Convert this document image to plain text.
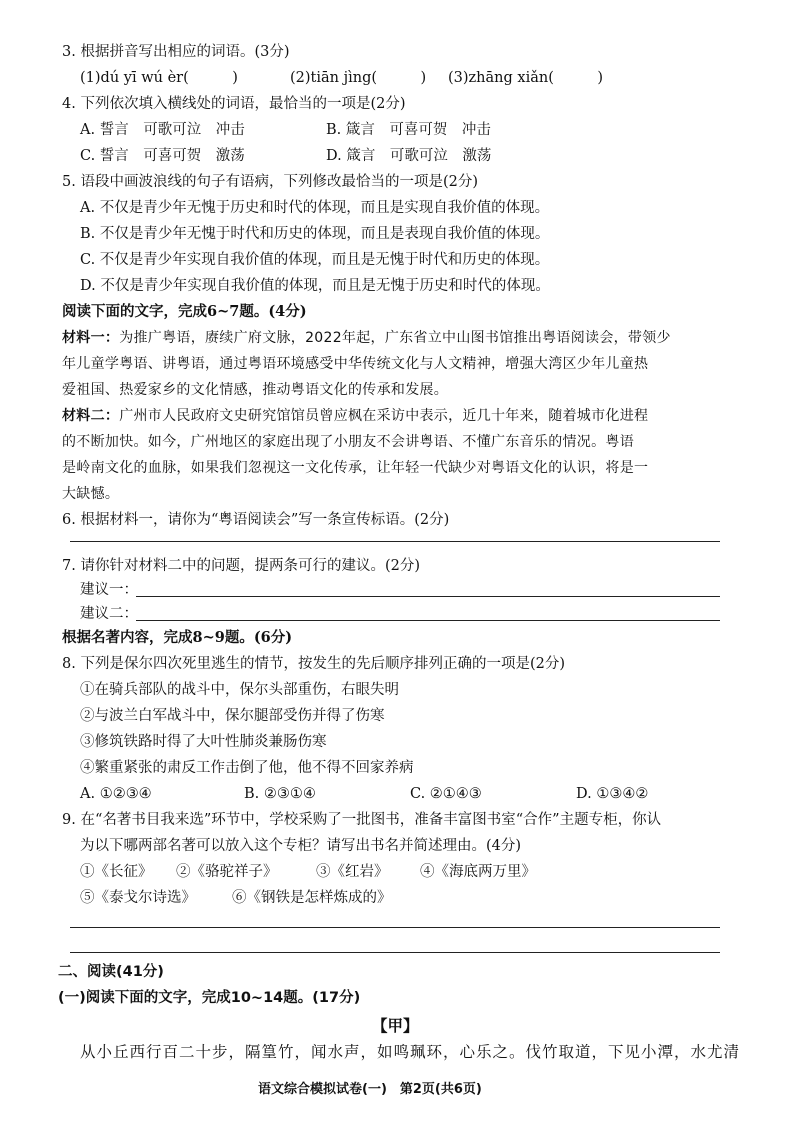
3. 根据拼音写出相应的词语。(3分)
(1)dú yī wú èr(　　　)	(2)tiān jìng(　　　) (3)zhāng xiǎn(　　　)
4. 下列依次填入横线处的词语，最恰当的一项是(2分)
A. 誓言　可歌可泣　冲击	B. 箴言　可喜可贺　冲击
C. 誓言　可喜可贺　激荡	D. 箴言　可歌可泣　激荡
5. 语段中画波浪线的句子有语病，下列修改最恰当的一项是(2分)
A. 不仅是青少年无愧于历史和时代的体现，而且是实现自我价值的体现。
B. 不仅是青少年无愧于时代和历史的体现，而且是表现自我价值的体现。
C. 不仅是青少年实现自我价值的体现，而且是无愧于时代和历史的体现。
D. 不仅是青少年实现自我价值的体现，而且是无愧于历史和时代的体现。
阅读下面的文字，完成6~7题。(4分)
材料一：为推广粤语，赓续广府文脉，2022年起，广东省立中山图书馆推出粤语阅读会，带领少
年儿童学粤语、讲粤语，通过粤语环境感受中华传统文化与人文精神，增强大湾区少年儿童热
爱祖国、热爱家乡的文化情感，推动粤语文化的传承和发展。
材料二：广州市人民政府文史研究馆馆员曾应枫在采访中表示，近几十年来，随着城市化进程
的不断加快。如今，广州地区的家庭出现了小朋友不会讲粤语、不懂广东音乐的情况。粤语
是岭南文化的血脉，如果我们忽视这一文化传承，让年轻一代缺少对粤语文化的认识，将是一
大缺憾。
6. 根据材料一，请你为“粤语阅读会”写一条宣传标语。(2分)
7. 请你针对材料二中的问题，提两条可行的建议。(2分)
建议一：
建议二：
根据名著内容，完成8~9题。(6分)
8. 下列是保尔四次死里逃生的情节，按发生的先后顺序排列正确的一项是(2分)
①在骑兵部队的战斗中，保尔头部重伤，右眼失明
②与波兰白军战斗中，保尔腿部受伤并得了伤寒
③修筑铁路时得了大叶性肺炎兼肠伤寒
④繁重紧张的肃反工作击倒了他，他不得不回家养病
A. ①②③④	B. ②③①④	C. ②①④③	D. ①③④②
9. 在“名著书目我来选”环节中，学校采购了一批图书，准备丰富图书室“合作”主题专柜，你认
为以下哪两部名著可以放入这个专柜？请写出书名并简述理由。(4分)
①《长征》 ②《骆驼祥子》	③《红岩》 ④《海底两万里》
⑤《泰戈尔诗选》 ⑥《钢铁是怎样炼成的》
二、阅读(41分)
(一)阅读下面的文字，完成10~14题。(17分)
【甲】
从小丘西行百二十步，隔篁竹，闻水声，如鸣珮环，心乐之。伐竹取道，下见小潭，水尤清
语文综合模拟试卷(一)　第2页(共6页)
